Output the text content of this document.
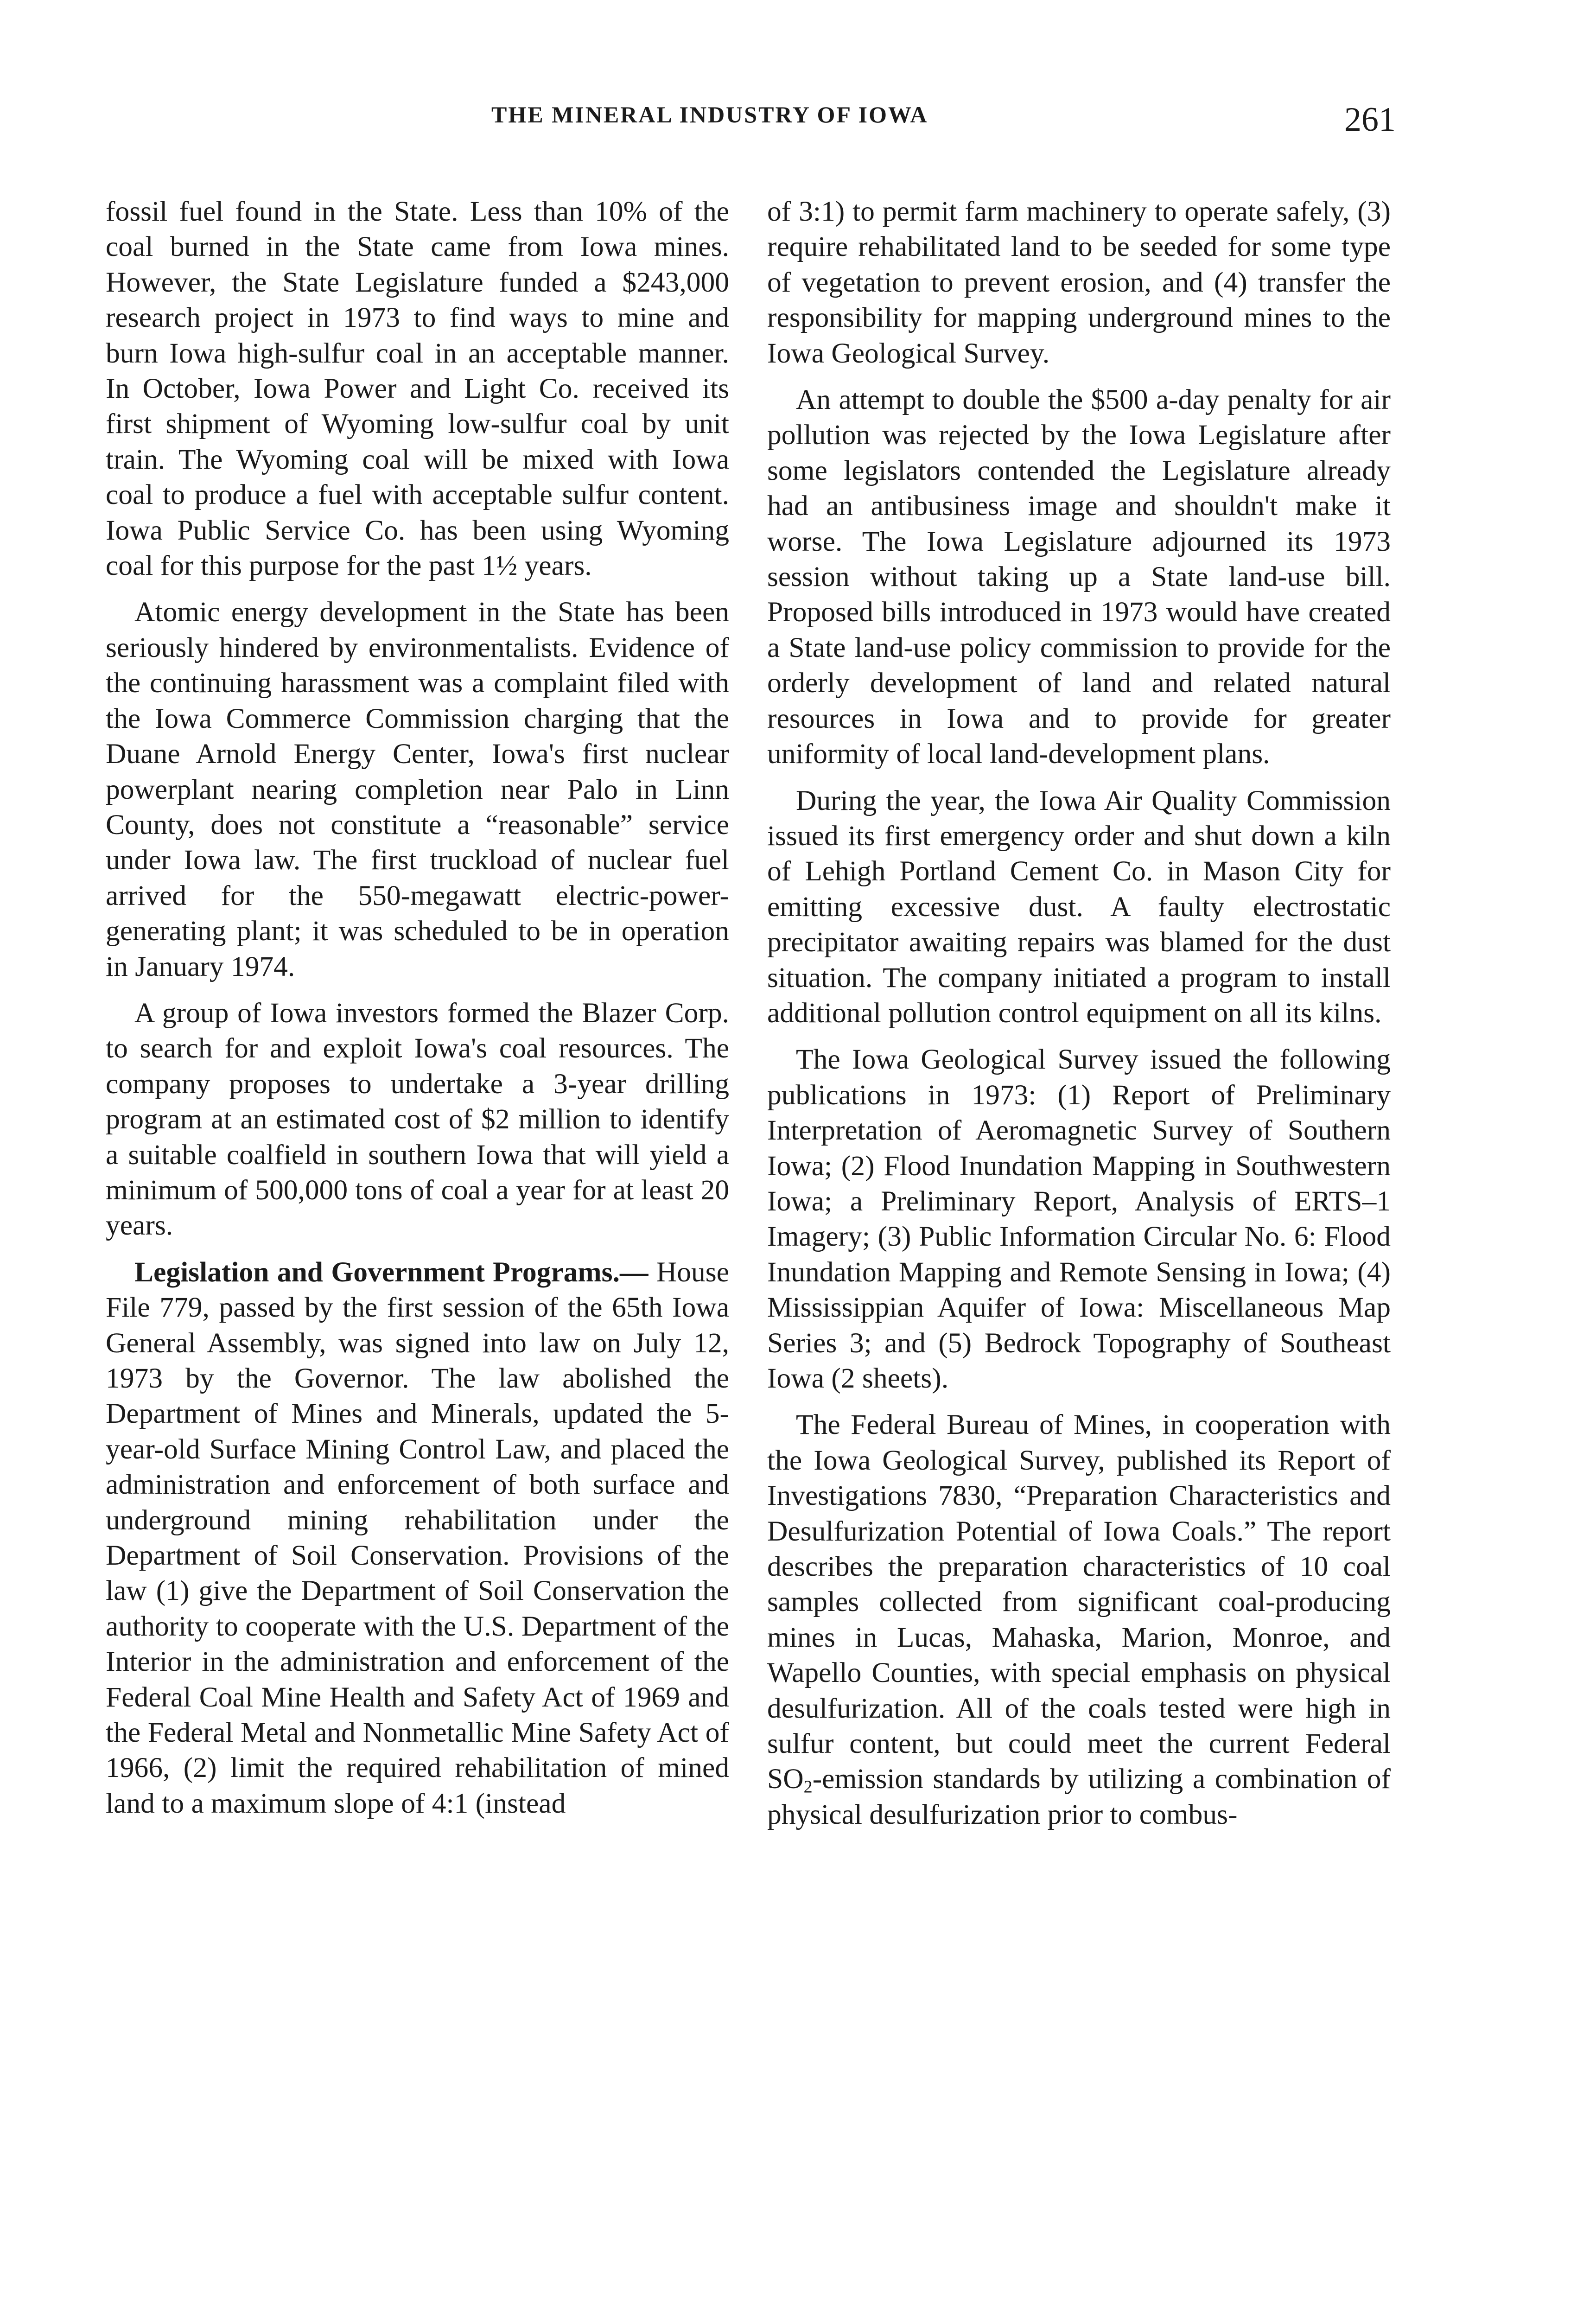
THE MINERAL INDUSTRY OF IOWA	261

fossil fuel found in the State. Less than 10% of the coal burned in the State came from Iowa mines. However, the State Legislature funded a $243,000 research project in 1973 to find ways to mine and burn Iowa high-sulfur coal in an acceptable manner. In October, Iowa Power and Light Co. received its first shipment of Wyoming low-sulfur coal by unit train. The Wyoming coal will be mixed with Iowa coal to produce a fuel with acceptable sulfur content. Iowa Public Service Co. has been using Wyoming coal for this purpose for the past 1½ years.

Atomic energy development in the State has been seriously hindered by environmentalists. Evidence of the continuing harassment was a complaint filed with the Iowa Commerce Commission charging that the Duane Arnold Energy Center, Iowa's first nuclear powerplant nearing completion near Palo in Linn County, does not constitute a “reasonable” service under Iowa law. The first truckload of nuclear fuel arrived for the 550-megawatt electric-power-generating plant; it was scheduled to be in operation in January 1974.

A group of Iowa investors formed the Blazer Corp. to search for and exploit Iowa's coal resources. The company proposes to undertake a 3-year drilling program at an estimated cost of $2 million to identify a suitable coalfield in southern Iowa that will yield a minimum of 500,000 tons of coal a year for at least 20 years.

Legislation and Government Programs.— House File 779, passed by the first session of the 65th Iowa General Assembly, was signed into law on July 12, 1973 by the Governor. The law abolished the Department of Mines and Minerals, updated the 5-year-old Surface Mining Control Law, and placed the administration and enforcement of both surface and underground mining rehabilitation under the Department of Soil Conservation. Provisions of the law (1) give the Department of Soil Conservation the authority to cooperate with the U.S. Department of the Interior in the administration and enforcement of the Federal Coal Mine Health and Safety Act of 1969 and the Federal Metal and Nonmetallic Mine Safety Act of 1966, (2) limit the required rehabilitation of mined land to a maximum slope of 4:1 (instead

of 3:1) to permit farm machinery to operate safely, (3) require rehabilitated land to be seeded for some type of vegetation to prevent erosion, and (4) transfer the responsibility for mapping underground mines to the Iowa Geological Survey.

An attempt to double the $500 a-day penalty for air pollution was rejected by the Iowa Legislature after some legislators contended the Legislature already had an antibusiness image and shouldn't make it worse. The Iowa Legislature adjourned its 1973 session without taking up a State land-use bill. Proposed bills introduced in 1973 would have created a State land-use policy commission to provide for the orderly development of land and related natural resources in Iowa and to provide for greater uniformity of local land-development plans.

During the year, the Iowa Air Quality Commission issued its first emergency order and shut down a kiln of Lehigh Portland Cement Co. in Mason City for emitting excessive dust. A faulty electrostatic precipitator awaiting repairs was blamed for the dust situation. The company initiated a program to install additional pollution control equipment on all its kilns.

The Iowa Geological Survey issued the following publications in 1973: (1) Report of Preliminary Interpretation of Aeromagnetic Survey of Southern Iowa; (2) Flood Inundation Mapping in Southwestern Iowa; a Preliminary Report, Analysis of ERTS–1 Imagery; (3) Public Information Circular No. 6: Flood Inundation Mapping and Remote Sensing in Iowa; (4) Mississippian Aquifer of Iowa: Miscellaneous Map Series 3; and (5) Bedrock Topography of Southeast Iowa (2 sheets).

The Federal Bureau of Mines, in cooperation with the Iowa Geological Survey, published its Report of Investigations 7830, “Preparation Characteristics and Desulfurization Potential of Iowa Coals.” The report describes the preparation characteristics of 10 coal samples collected from significant coal-producing mines in Lucas, Mahaska, Marion, Monroe, and Wapello Counties, with special emphasis on physical desulfurization. All of the coals tested were high in sulfur content, but could meet the current Federal $SO_2$-emission standards by utilizing a combination of physical desulfurization prior to combus-
